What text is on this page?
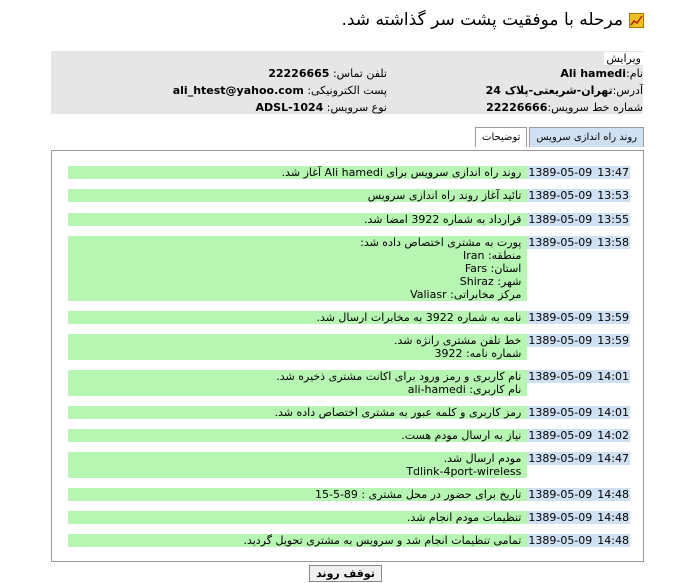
مرحله با موفقیت پشت سر گذاشته شد.
ویرایش
نام:Ali hamedi
آدرس:تهران-شریعتی-پلاک 24
شماره خط سرویس:22226666
تلفن تماس: 22226665
پست الکترونیکی: ali_htest@yahoo.com
نوع سرویس: ADSL-1024
روند راه اندازی سرویس
توضیحات
1389-05-09 13:47
روند راه اندازی سرویس برای Ali hamedi آغاز شد.
1389-05-09 13:53
تائید آغاز روند راه اندازی سرویس
1389-05-09 13:55
قرارداد به شماره 3922 امضا شد.
1389-05-09 13:58
پورت به مشتری اختصاص داده شد:
منطقه: Iran
استان: Fars
شهر: Shiraz
مرکز مخابراتی: Valiasr
1389-05-09 13:59
نامه به شماره 3922 به مخابرات ارسال شد.
1389-05-09 13:59
خط تلفن مشتری رانژه شد.
شماره نامه: 3922
1389-05-09 14:01
نام کاربری و رمز ورود برای اکانت مشتری ذخیره شد.
نام کاربری: ali-hamedi
1389-05-09 14:01
رمز کاربری و کلمه عبور به مشتری اختصاص داده شد.
1389-05-09 14:02
نیاز به ارسال مودم هست.
1389-05-09 14:47
مودم ارسال شد.
Tdlink-4port-wireless
1389-05-09 14:48
تاریخ برای حضور در محل مشتری : 89-5-15
1389-05-09 14:48
تنظیمات مودم انجام شد.
1389-05-09 14:48
تمامی تنظیمات انجام شد و سرویس به مشتری تحویل گردید.
توقف روند
